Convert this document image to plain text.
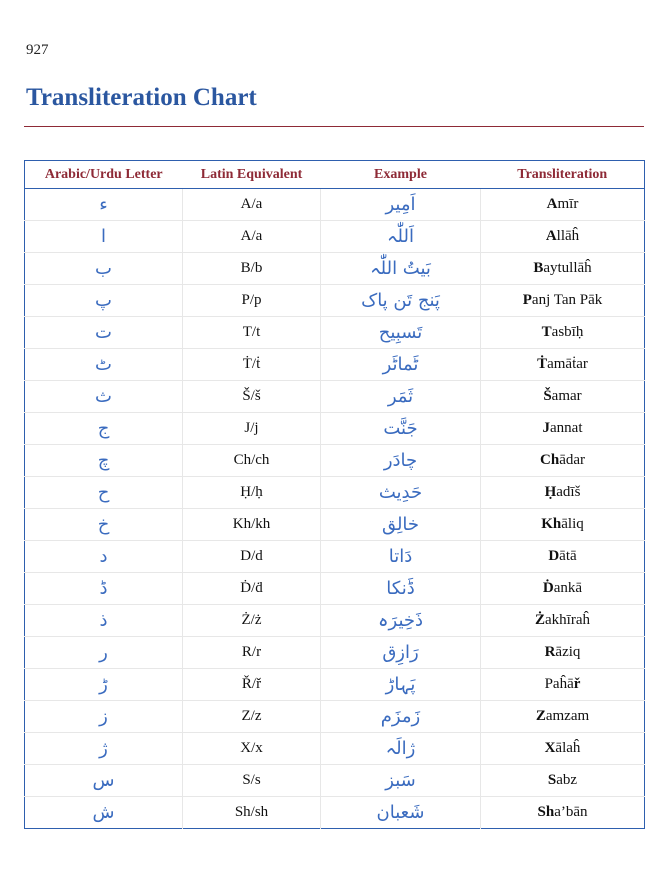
927
Transliteration Chart
Arabic/Urdu Letter	Latin Equivalent	Example	Transliteration
ء	A/a	اَمِیر	Amīr
ا	A/a	اَللّٰہ	Allāĥ
ب	B/b	بَیتُ اللّٰہ	Baytullāĥ
پ	P/p	پَنج تَن پاک	Panj Tan Pāk
ت	T/t	تَسبِیح	Tasbīḥ
ٹ	Ṫ/ṫ	ٹَماٹَر	Ṫamāṫar
ث	Š/š	ثَمَر	Šamar
ج	J/j	جَنَّت	Jannat
چ	Ch/ch	چادَر	Chādar
ح	Ḥ/ḥ	حَدِیث	Ḥadīš
خ	Kh/kh	خالِق	Khāliq
د	D/d	دَاتا	Dātā
ڈ	Ḋ/ḋ	ڈَنکا	Ḋankā
ذ	Ż/ż	ذَخِیرَہ	Żakhīraĥ
ر	R/r	رَازِق	Rāziq
ڑ	Ř/ř	پَہاڑ	Paĥāř
ز	Z/z	زَمزَم	Zamzam
ژ	X/x	ژالَہ	Xālaĥ
س	S/s	سَبز	Sabz
ش	Sh/sh	شَعبان	Sha’bān
